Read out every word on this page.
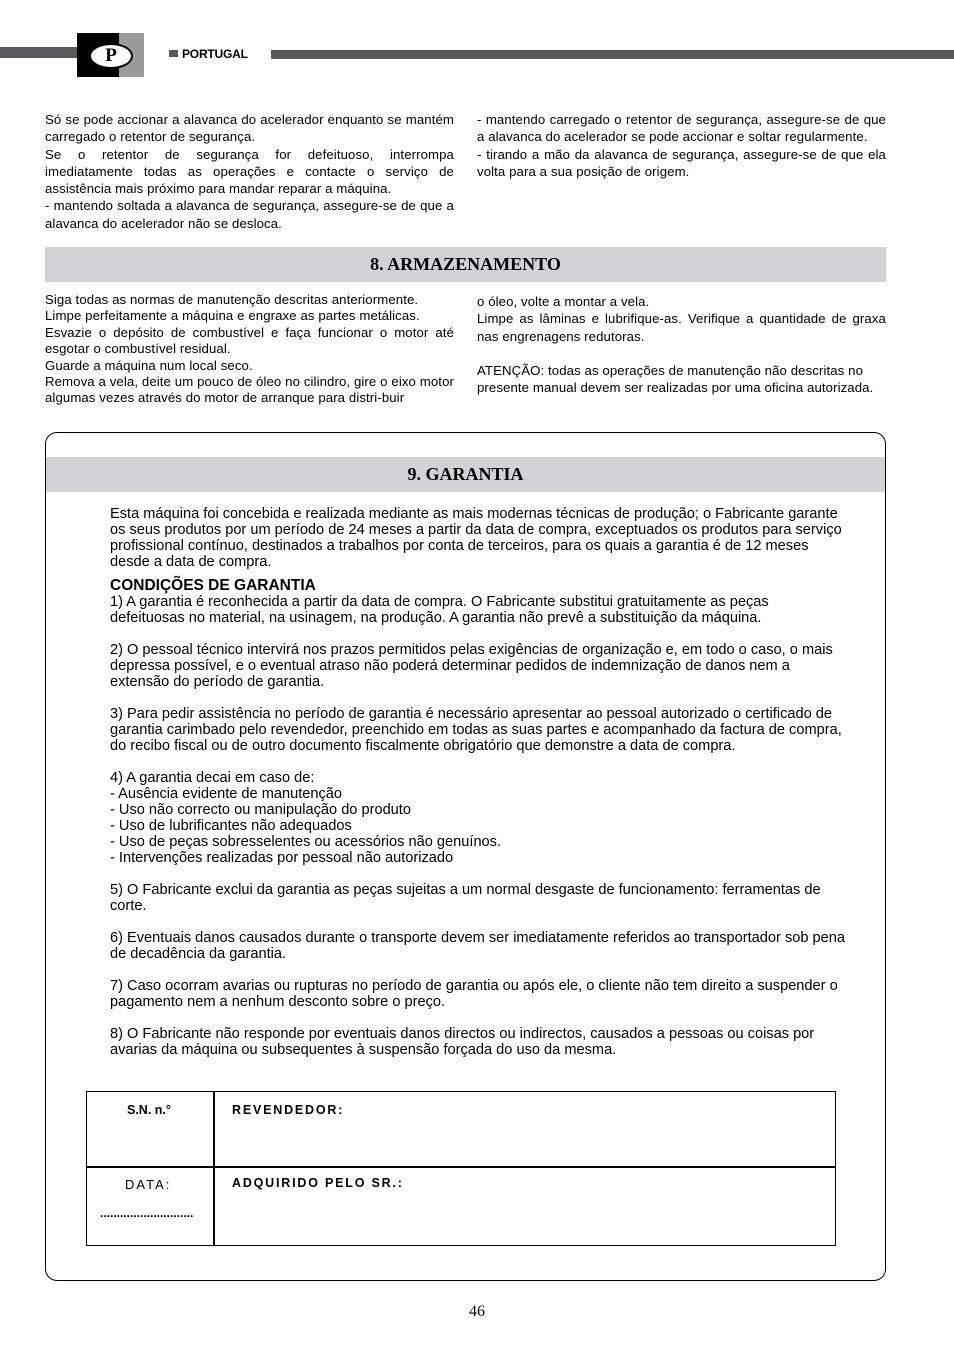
P	PORTUGAL

Só se pode accionar a alavanca do acelerador enquanto se mantém carregado o retentor de segurança.

Se o retentor de segurança for defeituoso, interrompa imediatamente todas as operações e contacte o serviço de assistência mais próximo para mandar reparar a máquina.

- mantendo soltada a alavanca de segurança, assegure-se de que a alavanca do acelerador não se desloca.

- mantendo carregado o retentor de segurança, assegure-se de que a alavanca do acelerador se pode accionar e soltar regularmente.

- tirando a mão da alavanca de segurança, assegure-se de que ela volta para a sua posição de origem.

8. ARMAZENAMENTO

Siga todas as normas de manutenção descritas anteriormente.

Limpe perfeitamente a máquina e engraxe as partes metálicas.

Esvazie o depósito de combustível e faça funcionar o motor até esgotar o combustível residual.

Guarde a máquina num local seco.

Remova a vela, deite um pouco de óleo no cilindro, gire o eixo motor algumas vezes através do motor de arranque para distri-buir

o óleo, volte a montar a vela.

Limpe as lâminas e lubrifique-as. Verifique a quantidade de graxa nas engrenagens redutoras.

ATENÇÃO: todas as operações de manutenção não descritas no presente manual devem ser realizadas por uma oficina autorizada.

9. GARANTIA

Esta máquina foi concebida e realizada mediante as mais modernas técnicas de produção; o Fabricante garante os seus produtos por um período de 24 meses a partir da data de compra, exceptuados os produtos para serviço profissional contínuo, destinados a trabalhos por conta de terceiros, para os quais a garantia é de 12 meses desde a data de compra.

CONDIÇÕES DE GARANTIA

1) A garantia é reconhecida a partir da data de compra. O Fabricante substitui gratuitamente as peças defeituosas no material, na usinagem, na produção. A garantia não prevê a substituição da máquina.

2) O pessoal técnico intervirá nos prazos permitidos pelas exigências de organização e, em todo o caso, o mais depressa possível, e o eventual atraso não poderá determinar pedidos de indemnização de danos nem a extensão do período de garantia.

3) Para pedir assistência no período de garantia é necessário apresentar ao pessoal autorizado o certificado de garantia carimbado pelo revendedor, preenchido em todas as suas partes e acompanhado da factura de compra, do recibo fiscal ou de outro documento fiscalmente obrigatório que demonstre a data de compra.

4) A garantia decai em caso de:

- Ausência evidente de manutenção

- Uso não correcto ou manipulação do produto

- Uso de lubrificantes não adequados

- Uso de peças sobresselentes ou acessórios não genuínos.

- Intervenções realizadas por pessoal não autorizado

5) O Fabricante exclui da garantia as peças sujeitas a um normal desgaste de funcionamento: ferramentas de corte.

6) Eventuais danos causados durante o transporte devem ser imediatamente referidos ao transportador sob pena de decadência da garantia.

7) Caso ocorram avarias ou rupturas no período de garantia ou após ele, o cliente não tem direito a suspender o pagamento nem a nenhum desconto sobre o preço.

8) O Fabricante não responde por eventuais danos directos ou indirectos, causados a pessoas ou coisas por avarias da máquina ou subsequentes à suspensão forçada do uso da mesma.

S.N. n.°	REVENDEDOR:
DATA:
............................
ADQUIRIDO PELO SR.:
46
